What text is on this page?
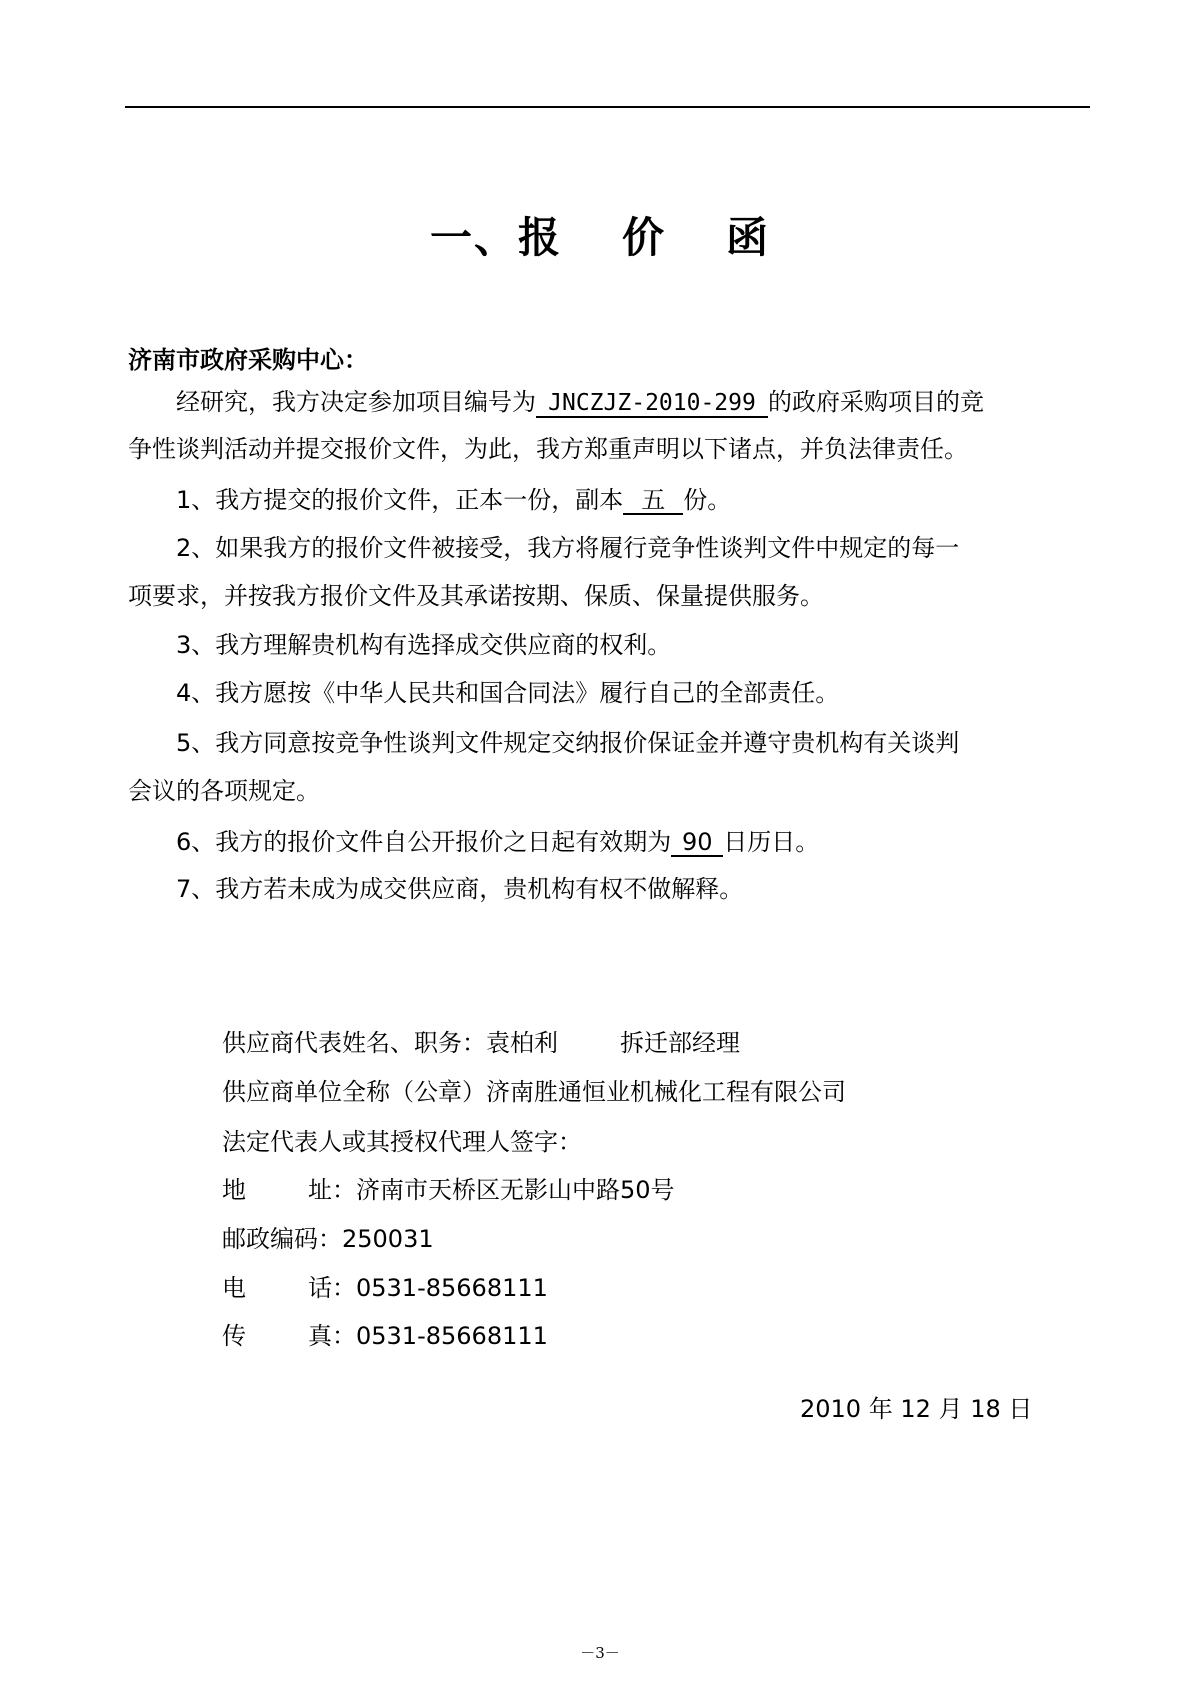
一、报 价 函
济南市政府采购中心：
经研究，我方决定参加项目编号为 JNCZJZ-2010-299 的政府采购项目的竞
争性谈判活动并提交报价文件，为此，我方郑重声明以下诸点，并负法律责任。
1、我方提交的报价文件，正本一份，副本 五 份。
2、如果我方的报价文件被接受，我方将履行竞争性谈判文件中规定的每一
项要求，并按我方报价文件及其承诺按期、保质、保量提供服务。
3、我方理解贵机构有选择成交供应商的权利。
4、我方愿按《中华人民共和国合同法》履行自己的全部责任。
5、我方同意按竞争性谈判文件规定交纳报价保证金并遵守贵机构有关谈判
会议的各项规定。
6、我方的报价文件自公开报价之日起有效期为 90 日历日。
7、我方若未成为成交供应商，贵机构有权不做解释。
供应商代表姓名、职务：袁柏利	拆迁部经理
供应商单位全称（公章）济南胜通恒业机械化工程有限公司
法定代表人或其授权代理人签字：
地	址：济南市天桥区无影山中路50号
邮政编码：250031
电	话：0531-85668111
传	真：0531-85668111
2010 年 12 月 18 日
－3－
